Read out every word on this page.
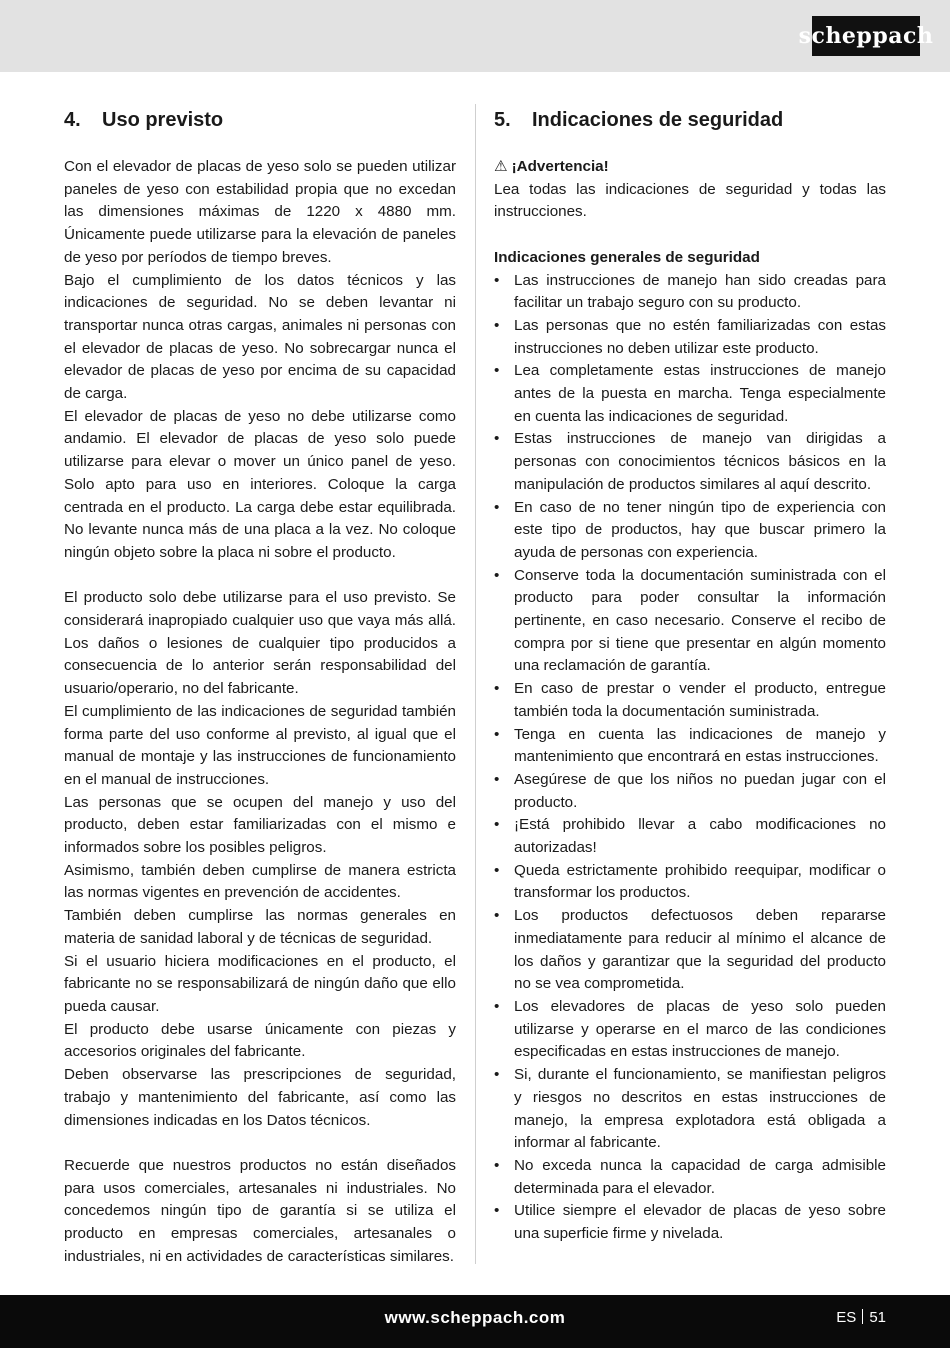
scheppach
4.	Uso previsto

Con el elevador de placas de yeso solo se pueden utilizar paneles de yeso con estabilidad propia que no excedan las dimensiones máximas de 1220 x 4880 mm. Únicamente puede utilizarse para la elevación de paneles de yeso por períodos de tiempo breves.

Bajo el cumplimiento de los datos técnicos y las indicaciones de seguridad. No se deben levantar ni transportar nunca otras cargas, animales ni personas con el elevador de placas de yeso. No sobrecargar nunca el elevador de placas de yeso por encima de su capacidad de carga.

El elevador de placas de yeso no debe utilizarse como andamio. El elevador de placas de yeso solo puede utilizarse para elevar o mover un único panel de yeso. Solo apto para uso en interiores. Coloque la carga centrada en el producto. La carga debe estar equilibrada. No levante nunca más de una placa a la vez. No coloque ningún objeto sobre la placa ni sobre el producto.

El producto solo debe utilizarse para el uso previsto. Se considerará inapropiado cualquier uso que vaya más allá. Los daños o lesiones de cualquier tipo producidos a consecuencia de lo anterior serán responsabilidad del usuario/operario, no del fabricante.

El cumplimiento de las indicaciones de seguridad también forma parte del uso conforme al previsto, al igual que el manual de montaje y las instrucciones de funcionamiento en el manual de instrucciones.

Las personas que se ocupen del manejo y uso del producto, deben estar familiarizadas con el mismo e informados sobre los posibles peligros.

Asimismo, también deben cumplirse de manera estricta las normas vigentes en prevención de accidentes.

También deben cumplirse las normas generales en materia de sanidad laboral y de técnicas de seguridad.

Si el usuario hiciera modificaciones en el producto, el fabricante no se responsabilizará de ningún daño que ello pueda causar.

El producto debe usarse únicamente con piezas y accesorios originales del fabricante.

Deben observarse las prescripciones de seguridad, trabajo y mantenimiento del fabricante, así como las dimensiones indicadas en los Datos técnicos.

Recuerde que nuestros productos no están diseñados para usos comerciales, artesanales ni industriales. No concedemos ningún tipo de garantía si se utiliza el producto en empresas comerciales, artesanales o industriales, ni en actividades de características similares.

5.	Indicaciones de seguridad

⚠ ¡Advertencia!

Lea todas las indicaciones de seguridad y todas las instrucciones.

Indicaciones generales de seguridad

• Las instrucciones de manejo han sido creadas para facilitar un trabajo seguro con su producto.
• Las personas que no estén familiarizadas con estas instrucciones no deben utilizar este producto.
• Lea completamente estas instrucciones de manejo antes de la puesta en marcha. Tenga especialmente en cuenta las indicaciones de seguridad.
• Estas instrucciones de manejo van dirigidas a personas con conocimientos técnicos básicos en la manipulación de productos similares al aquí descrito.
• En caso de no tener ningún tipo de experiencia con este tipo de productos, hay que buscar primero la ayuda de personas con experiencia.
• Conserve toda la documentación suministrada con el producto para poder consultar la información pertinente, en caso necesario. Conserve el recibo de compra por si tiene que presentar en algún momento una reclamación de garantía.
• En caso de prestar o vender el producto, entregue también toda la documentación suministrada.
• Tenga en cuenta las indicaciones de manejo y mantenimiento que encontrará en estas instrucciones.
• Asegúrese de que los niños no puedan jugar con el producto.
• ¡Está prohibido llevar a cabo modificaciones no autorizadas!
• Queda estrictamente prohibido reequipar, modificar o transformar los productos.
• Los productos defectuosos deben repararse inmediatamente para reducir al mínimo el alcance de los daños y garantizar que la seguridad del producto no se vea comprometida.
• Los elevadores de placas de yeso solo pueden utilizarse y operarse en el marco de las condiciones especificadas en estas instrucciones de manejo.
• Si, durante el funcionamiento, se manifiestan peligros y riesgos no descritos en estas instrucciones de manejo, la empresa explotadora está obligada a informar al fabricante.
• No exceda nunca la capacidad de carga admisible determinada para el elevador.
• Utilice siempre el elevador de placas de yeso sobre una superficie firme y nivelada.
www.scheppach.com	ES 51
